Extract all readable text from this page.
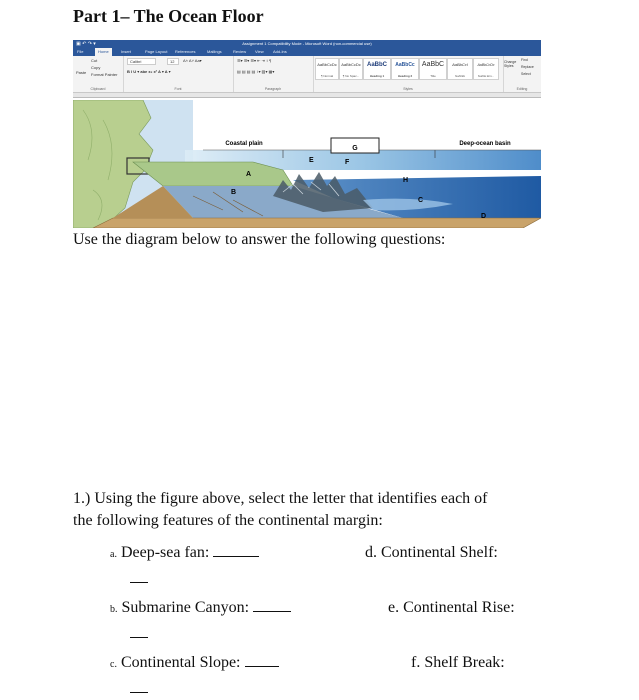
Part 1– The Ocean Floor
▣ ↶ ↷ ▾	Assignment 1 Compatibility Mode - Microsoft Word (non-commercial use)
File	Home	Insert	Page Layout References	Mailings	Review View Add-Ins
Paste
Cut
Copy
Format Painter
Clipboard
Calibri	12	A˄ A˅ Aa▾
B I U ▾ abe x₂ x² A ▾ A ▾
Font
☰▾ ☰▾ ☰▾ ⇤ ⇥ ↕ ¶
▤ ▤ ▤ ▤ ↕▾ ▨▾ ▦▾
Paragraph
AaBbCcDc
¶ Normal
AaBbCcDc
¶ No Spac...
AaBbC
Heading 1
AaBbCc
Heading 2
AaBbC
Title
AaBbCcI
Subtitle
AaBbCcDc
Subtle Em...
Styles
Change Styles
Find
Replace
Select
Editing
Coastal plain
G
Deep-ocean basin
E	F
A
B
H
C
D
Use the diagram below to answer the following questions:
1.) Using the figure above, select the letter that identifies each of
the following features of the continental margin:
a. Deep-sea fan:	d. Continental Shelf:
b. Submarine Canyon:	e. Continental Rise:
c. Continental Slope:	f. Shelf Break:
